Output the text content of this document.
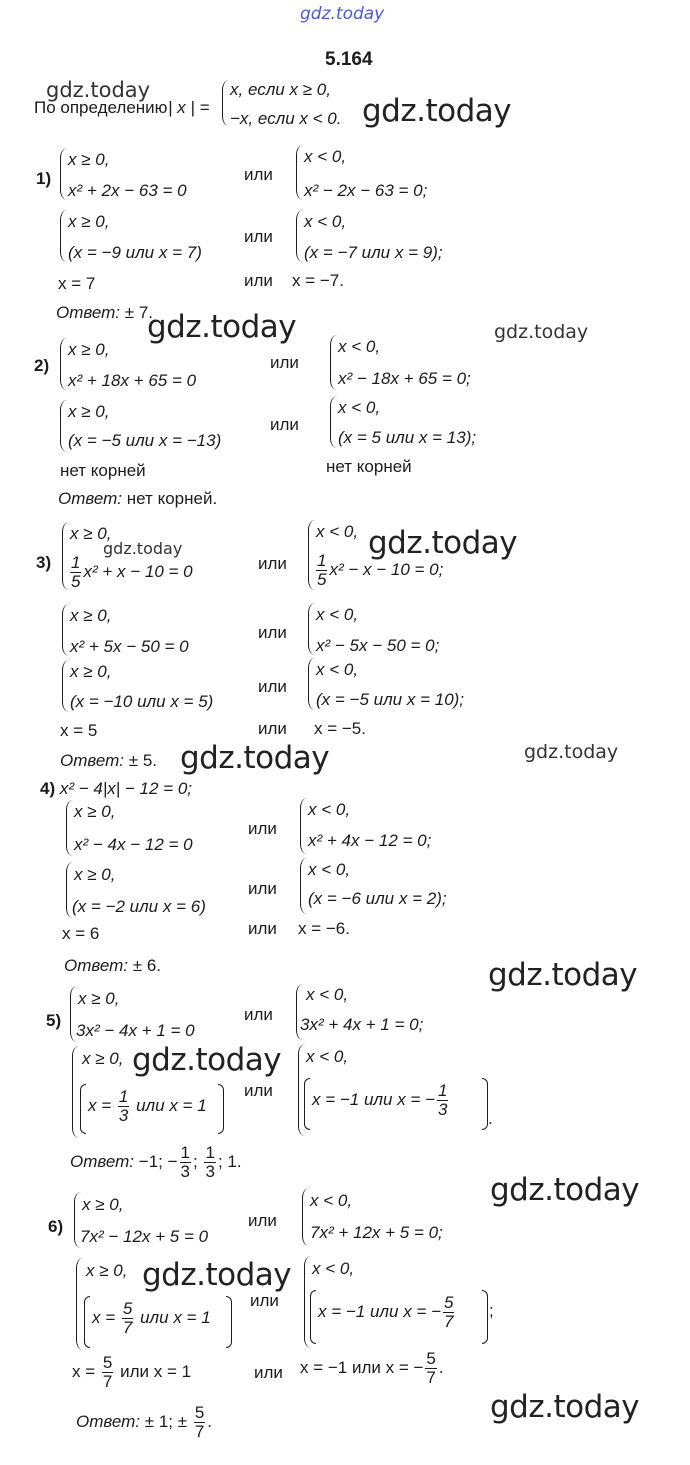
gdz.today
gdz.today
gdz.today
gdz.today	gdz.today
gdz.today
gdz.today
gdz.today	gdz.today
gdz.today
gdz.today
gdz.today
gdz.today
gdz.today
5.164
По определению | x | =
x, если x ≥ 0,
−x, если x < 0.
1)
x ≥ 0,
x² + 2x − 63 = 0
или
x < 0,
x² − 2x − 63 = 0;
x ≥ 0,
(x = −9 или x = 7)
или
x < 0,
(x = −7 или x = 9);
x = 7	или x = −7.
Ответ: ± 7.
2)
x ≥ 0,
x² + 18x + 65 = 0
или
x < 0,
x² − 18x + 65 = 0;
x ≥ 0,
(x = −5 или x = −13)
или
x < 0,
(x = 5 или x = 13);
нет корней	нет корней
Ответ: нет корней.
3)
x ≥ 0,
$\frac{1}{5} x^2 + x - 10 = 0$	или
x < 0,
$\frac{1}{5} x^2 - x - 10 = 0$;
x ≥ 0,
x² + 5x − 50 = 0
или
x < 0,
x² − 5x − 50 = 0;
x ≥ 0,
(x = −10 или x = 5)
или
x < 0,
(x = −5 или x = 10);
x = 5	или x = −5.
Ответ: ± 5.
4) x² − 4|x| − 12 = 0;
x ≥ 0,
x² − 4x − 12 = 0
или
x < 0,
x² + 4x − 12 = 0;
x ≥ 0,
(x = −2 или x = 6)
или
x < 0,
(x = −6 или x = 2);
x = 6	или x = −6.
Ответ: ± 6.
5)
x ≥ 0,
3x² − 4x + 1 = 0
или
x < 0,
3x² + 4x + 1 = 0;
x ≥ 0,
$x = \frac{1}{3}$ или x = 1
или
x < 0,
x = −1 или x = − $\frac{1}{3}$ .
Ответ: −1; − $\frac{1}{3}$ ; $\frac{1}{3}$ ; 1.
6)
x ≥ 0,
7x² − 12x + 5 = 0
или
x < 0,
7x² + 12x + 5 = 0;
x ≥ 0,
$x = \frac{5}{7}$ или x = 1
или
x < 0,
x = −1 или x = − $\frac{5}{7}$ ;
$x = \frac{5}{7}$ или x = 1	или x = −1 или x = − $\frac{5}{7}$ .
Ответ: ± 1; ± $\frac{5}{7}$ .
